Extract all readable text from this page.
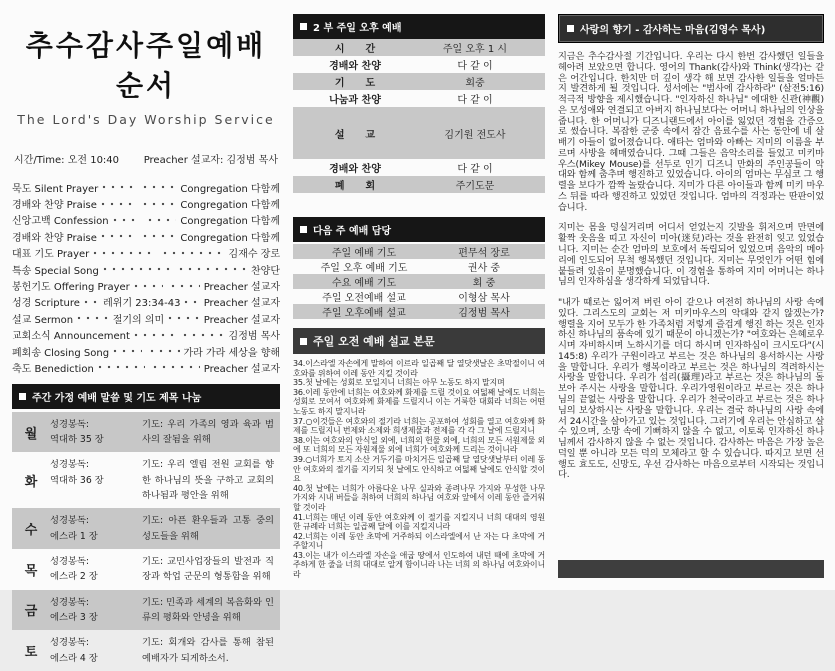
추수감사주일예배순서
The Lord's Day Worship Service
시간/Time: 오전 10:40 Preacher 설교자: 김정범 목사
묵도 Silent Prayer	Congregation 다함께
경배와 찬양 Praise	Congregation 다함께
신앙고백 Confession	Congregation 다함께
경배와 찬양 Praise	Congregation 다함께
대표 기도 Prayer	김재수 장로
특송 Special Song	찬양단
봉헌기도 Offering Prayer	Preacher 설교자
성경 Scripture 레위기 23:34-43 Preacher 설교자
설교 Sermon	절기의 의미	Preacher 설교자
교회소식 Announcement	김정범 목사
폐회송 Closing Song	가라 가라 세상을 향해
축도 Benediction	Preacher 설교자
주간 가정 예배 말씀 및 기도 제목 나눔
월
성경봉독:
역대하 35 장
기도: 우리 가족의 영과 육과 범사의 잘됨을 위해
화
성경봉독:
역대하 36 장
기도: 우리 엘림 전원 교회를 향한 하나님의 뜻을 구하고 교회의 하나됨과 평안을 위해
수
성경봉독:
에스라 1 장
기도: 아픈 환우들과 고통 중의 성도들을 위해
목
성경봉독:
에스라 2 장
기도: 교민사업장들의 발전과 직장과 학업 군문의 형통함을 위해
금
성경봉독:
에스라 3 장
기도: 민족과 세계의 복음화와 인류의 평화와 안녕을 위해
토
성경봉독:
에스라 4 장
기도: 회개와 감사를 통해 참된 예배자가 되게하소서.
2 부 주일 오후 예배
시      간	주일 오후 1 시
경배와 찬양	다 같 이
기      도	회중
나눔과 찬양	다 같 이
설      교	김기원 전도사
경배와 찬양	다 같 이
폐      회	주기도문
다음 주 예배 담당
주일 예배 기도	편무석 장로
주일 오후 예배 기도	권사 중
수요 예배 기도	회 중
주일 오전예배 설교	이형삼 목사
주일 오후예배 설교	김정범 목사
주일 오전 예배 설교 본문
34.이스라엘 자손에게 말하여 이르라 일곱째 달 열닷샛날은 초막절이니 여호와를 위하여 이레 동안 지킬 것이라
35.첫 날에는 성회로 모일지니 너희는 아무 노동도 하지 말지며
36.이레 동안에 너희는 여호와께 화제를 드릴 것이요 여덟째 날에도 너희는 성회로 모여서 여호와께 화제를 드릴지니 이는 거룩한 대회라 너희는 어떤 노동도 하지 말지니라
37.○이것들은 여호와의 절기라 너희는 공포하여 성회를 열고 여호와께 화제를 드릴지니 번제와 소제와 희생제물과 전제를 각 각 그 날에 드릴지니
38.이는 여호와의 안식일 외에, 너희의 헌물 외에, 너희의 모든 서원제물 외에 또 너희의 모든 자원제물 외에 너희가 여호와께 드리는 것이니라
39.○너희가 토지 소산 거두기를 마치거든 일곱째 달 열닷샛날부터 이레 동안 여호와의 절기를 지키되 첫 날에도 안식하고 여덟째 날에도 안식할 것이요
40.첫 날에는 너희가 아름다운 나무 실과와 종려나무 가지와 무성한 나무 가지와 시내 버들을 취하여 너희의 하나님 여호와 앞에서 이레 동안 즐거워할 것이라
41.너희는 매년 이레 동안 여호와께 이 절기를 지킬지니 너희 대대의 영원한 규례라 너희는 일곱째 달에 이를 지킬지니라
42.너희는 이레 동안 초막에 거주하되 이스라엘에서 난 자는 다 초막에 거주할지니
43.이는 내가 이스라엘 자손을 애굽 땅에서 인도하여 내던 때에 초막에 거주하게 한 줄을 너희 대대로 알게 함이니라 나는 너희 의 하나님 여호와이니라
사랑의 향기 - 감사하는 마음(김영수 목사)

지금은 추수감사절 기간입니다. 우리는 다시 한번 감사했던 일들을 헤아려 보았으면 합니다. 영어의 Thank(감사)와 Think(생각)는 같은 어간입니다. 한치만 더 깊이 생각 해 보면 감사한 일들을 얼마든지 발견하게 될 것입니다. 성서에는 "범사에 감사하라" (살전5:16) 적극적 방향을 제시했습니다. "인자하신 하나님" 에대한 신관(神觀)은 모성애와 연결되고 아버지 하나님보다는 어머니 하나님의 인상을 줍니다. 한 어머니가 디즈니랜드에서 아이를 잃었던 경험을 간증으로 썼습니다. 복잡한 군중 속에서 잠간 음료수를 사는 동안에 네 살배기 아들이 없어졌습니다. 애타는 엄마와 아빠는 지미의 이름을 부르며 사방을 헤매였습니다. 그때 그들은 음악소리를 들었고 미키마우스(Mikey Mouse)를 선두로 인기 디즈니 만화의 주인공들이 악대와 함께 춤추며 행진하고 있었습니다. 아이의 엄마는 무심코 그 행렬을 보다가 깜짝 놀랐습니다. 지미가 다른 아이들과 함께 미키 마우스 뒤를 따라 행진하고 있었던 것입니다. 엄마의 걱정과는 딴판이었습니다.

지미는 몸을 덩실거리며 어디서 얻었는지 깃발을 휘저으며 만면에 활짝 웃음을 띠고 자신이 미아(迷兒)라는 것을 완전히 잊고 있었습니다. 지미는 순간 엄마의 보호에서 독립되어 있었으며 음악의 메아리에 인도되어 무척 행복했던 것입니다. 지미는 무엇인가 어떤 힘에 붙들려 있음이 분명했습니다. 이 경험을 통하여 지미 어머니는 하나님의 인자하심을 생각하게 되었답니다.

"내가 때로는 잃어져 버린 아이 같으나 여전히 하나님의 사랑 속에 있다. 그리스도의 교회는 저 미키마우스의 악대와 같지 않겠는가? 행렬을 지어 모두가 한 가족처럼 저렇게 즐겁게 행진 하는 것은 인자하신 하나님의 품속에 있기 때문이 아니겠는가? "여호와는 은혜로우시며 자비하시며 노하시기를 더디 하시며 인자하심이 크시도다"(시145:8) 우리가 구원이라고 부르는 것은 하나님의 용서하시는 사랑을 말합니다. 우리가 행복이라고 부르는 것은 하나님의 격려하시는 사랑을 말합니다. 우리가 섭리(攝理)라고 부르는 것은 하나님의 돌보아 주시는 사랑을 말합니다. 우리가영원이라고 부르는 것은 하나님의 끝없는 사랑을 말합니다. 우리가 천국이라고 부르는 것은 하나님의 보상하시는 사랑을 말합니다. 우리는 결국 하나님의 사랑 속에서 24시간을 살아가고 있는 것입니다. 그러기에 우리는 안심하고 살 수 있으며, 소망 속에 기뻐하지 않을 수 없고, 이토록 인자하신 하나님께서 감사하지 않을 수 없는 것입니다. 감사하는 마음은 가장 높은 덕일 뿐 아니라 모든 덕의 모체라고 할 수 있습니다. 따지고 보면 선행도 효도도, 신망도, 우선 감사하는 마음으로부터 시작되는 것입니다.
